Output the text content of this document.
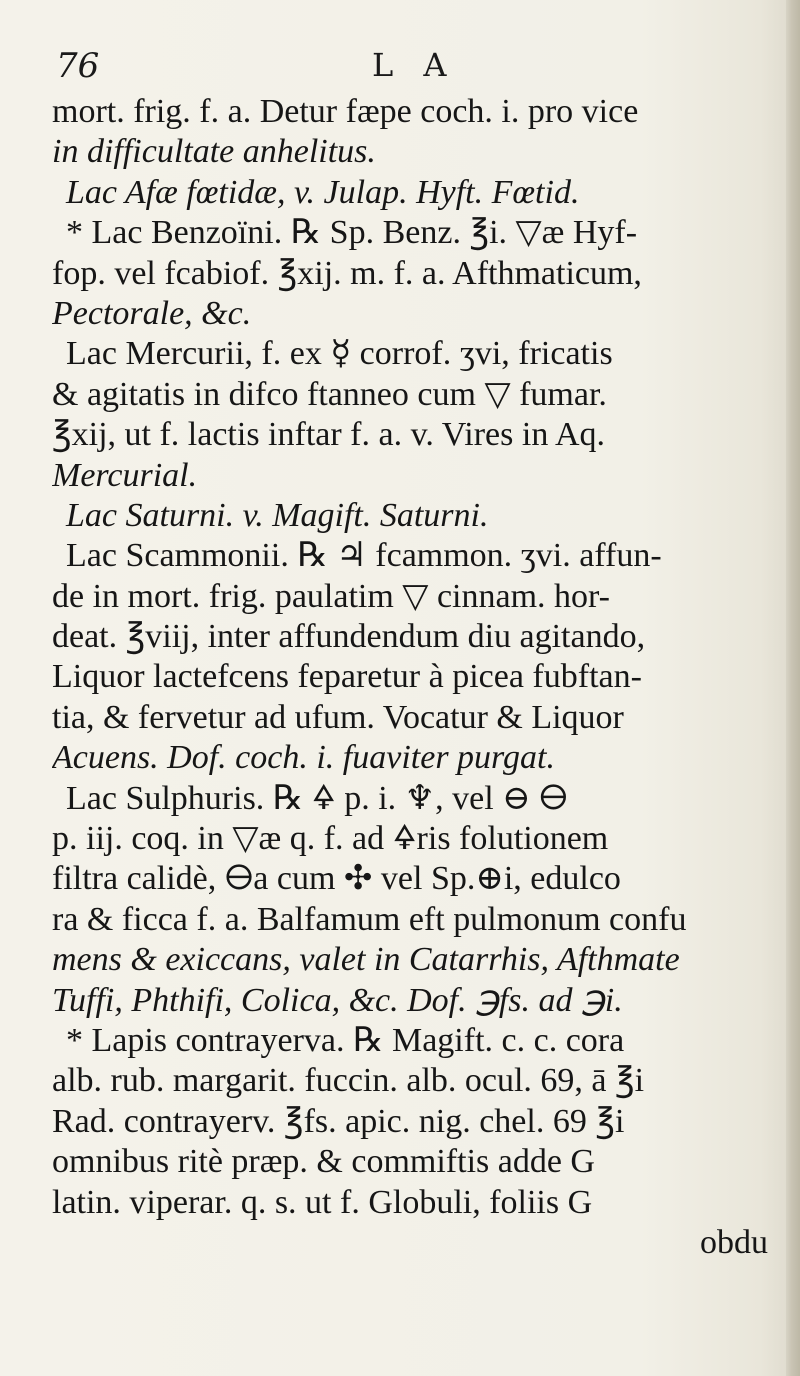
76	L A
mort. frig. f. a. Detur fæpe coch. i. pro vice
in difficultate anhelitus.
Lac Afæ fœtidæ, v. Julap. Hyft. Fœtid.
* Lac Benzoïni. ℞ Sp. Benz. ℥i. ▽æ Hyf-
fop. vel fcabiof. ℥xij. m. f. a. Afthmaticum,
Pectorale, &c.
Lac Mercurii, f. ex ☿ corrof. ʒvi, fricatis
& agitatis in difco ftanneo cum ▽ fumar.
℥xij, ut f. lactis inftar f. a. v. Vires in Aq.
Mercurial.
Lac Saturni. v. Magift. Saturni.
Lac Scammonii. ℞ ♃ fcammon. ʒvi. affun-
de in mort. frig. paulatim ▽ cinnam. hor-
deat. ℥viij, inter affundendum diu agitando,
Liquor lactefcens feparetur à picea fubftan-
tia, & fervetur ad ufum. Vocatur & Liquor
Acuens. Dof. coch. i. fuaviter purgat.
Lac Sulphuris. ℞ 🜍 p. i. ♆, vel ⊖ 🜔
p. iij. coq. in ▽æ q. f. ad 🜍ris folutionem
filtra calidè, 🜔a cum ✣ vel Sp.⊕i, edulco
ra & ficca f. a. Balfamum eft pulmonum confu
mens & exiccans, valet in Catarrhis, Afthmate
Tuffi, Phthifi, Colica, &c. Dof. ℈fs. ad ℈i.
* Lapis contrayerva. ℞ Magift. c. c. cora
alb. rub. margarit. fuccin. alb. ocul. 69, ā ℥i
Rad. contrayerv. ℥fs. apic. nig. chel. 69 ℥i
omnibus ritè præp. & commiftis adde G
latin. viperar. q. s. ut f. Globuli, foliis G
obdu
